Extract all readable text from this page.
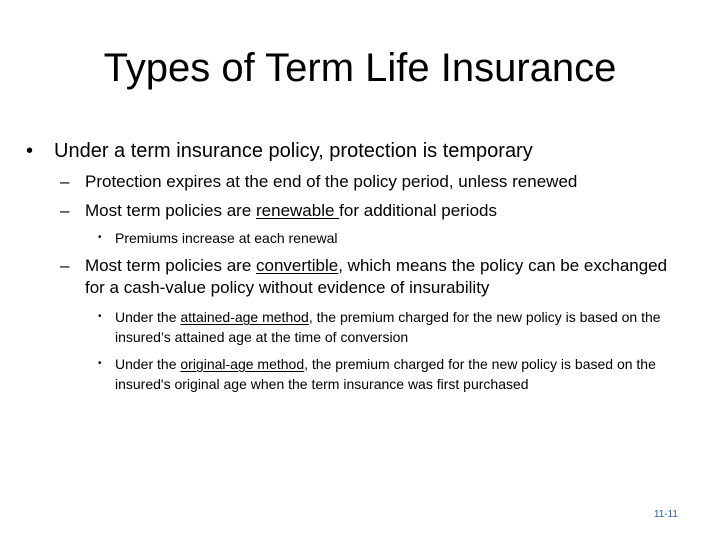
Types of Term Life Insurance
•	Under a term insurance policy, protection is temporary
– Protection expires at the end of the policy period, unless renewed
– Most term policies are renewable for additional periods
• Premiums increase at each renewal
– Most term policies are convertible, which means the policy can be exchanged for a cash-value policy without evidence of insurability
• Under the attained-age method, the premium charged for the new policy is based on the insured’s attained age at the time of conversion
• Under the original-age method, the premium charged for the new policy is based on the insured's original age when the term insurance was first purchased
11-11
